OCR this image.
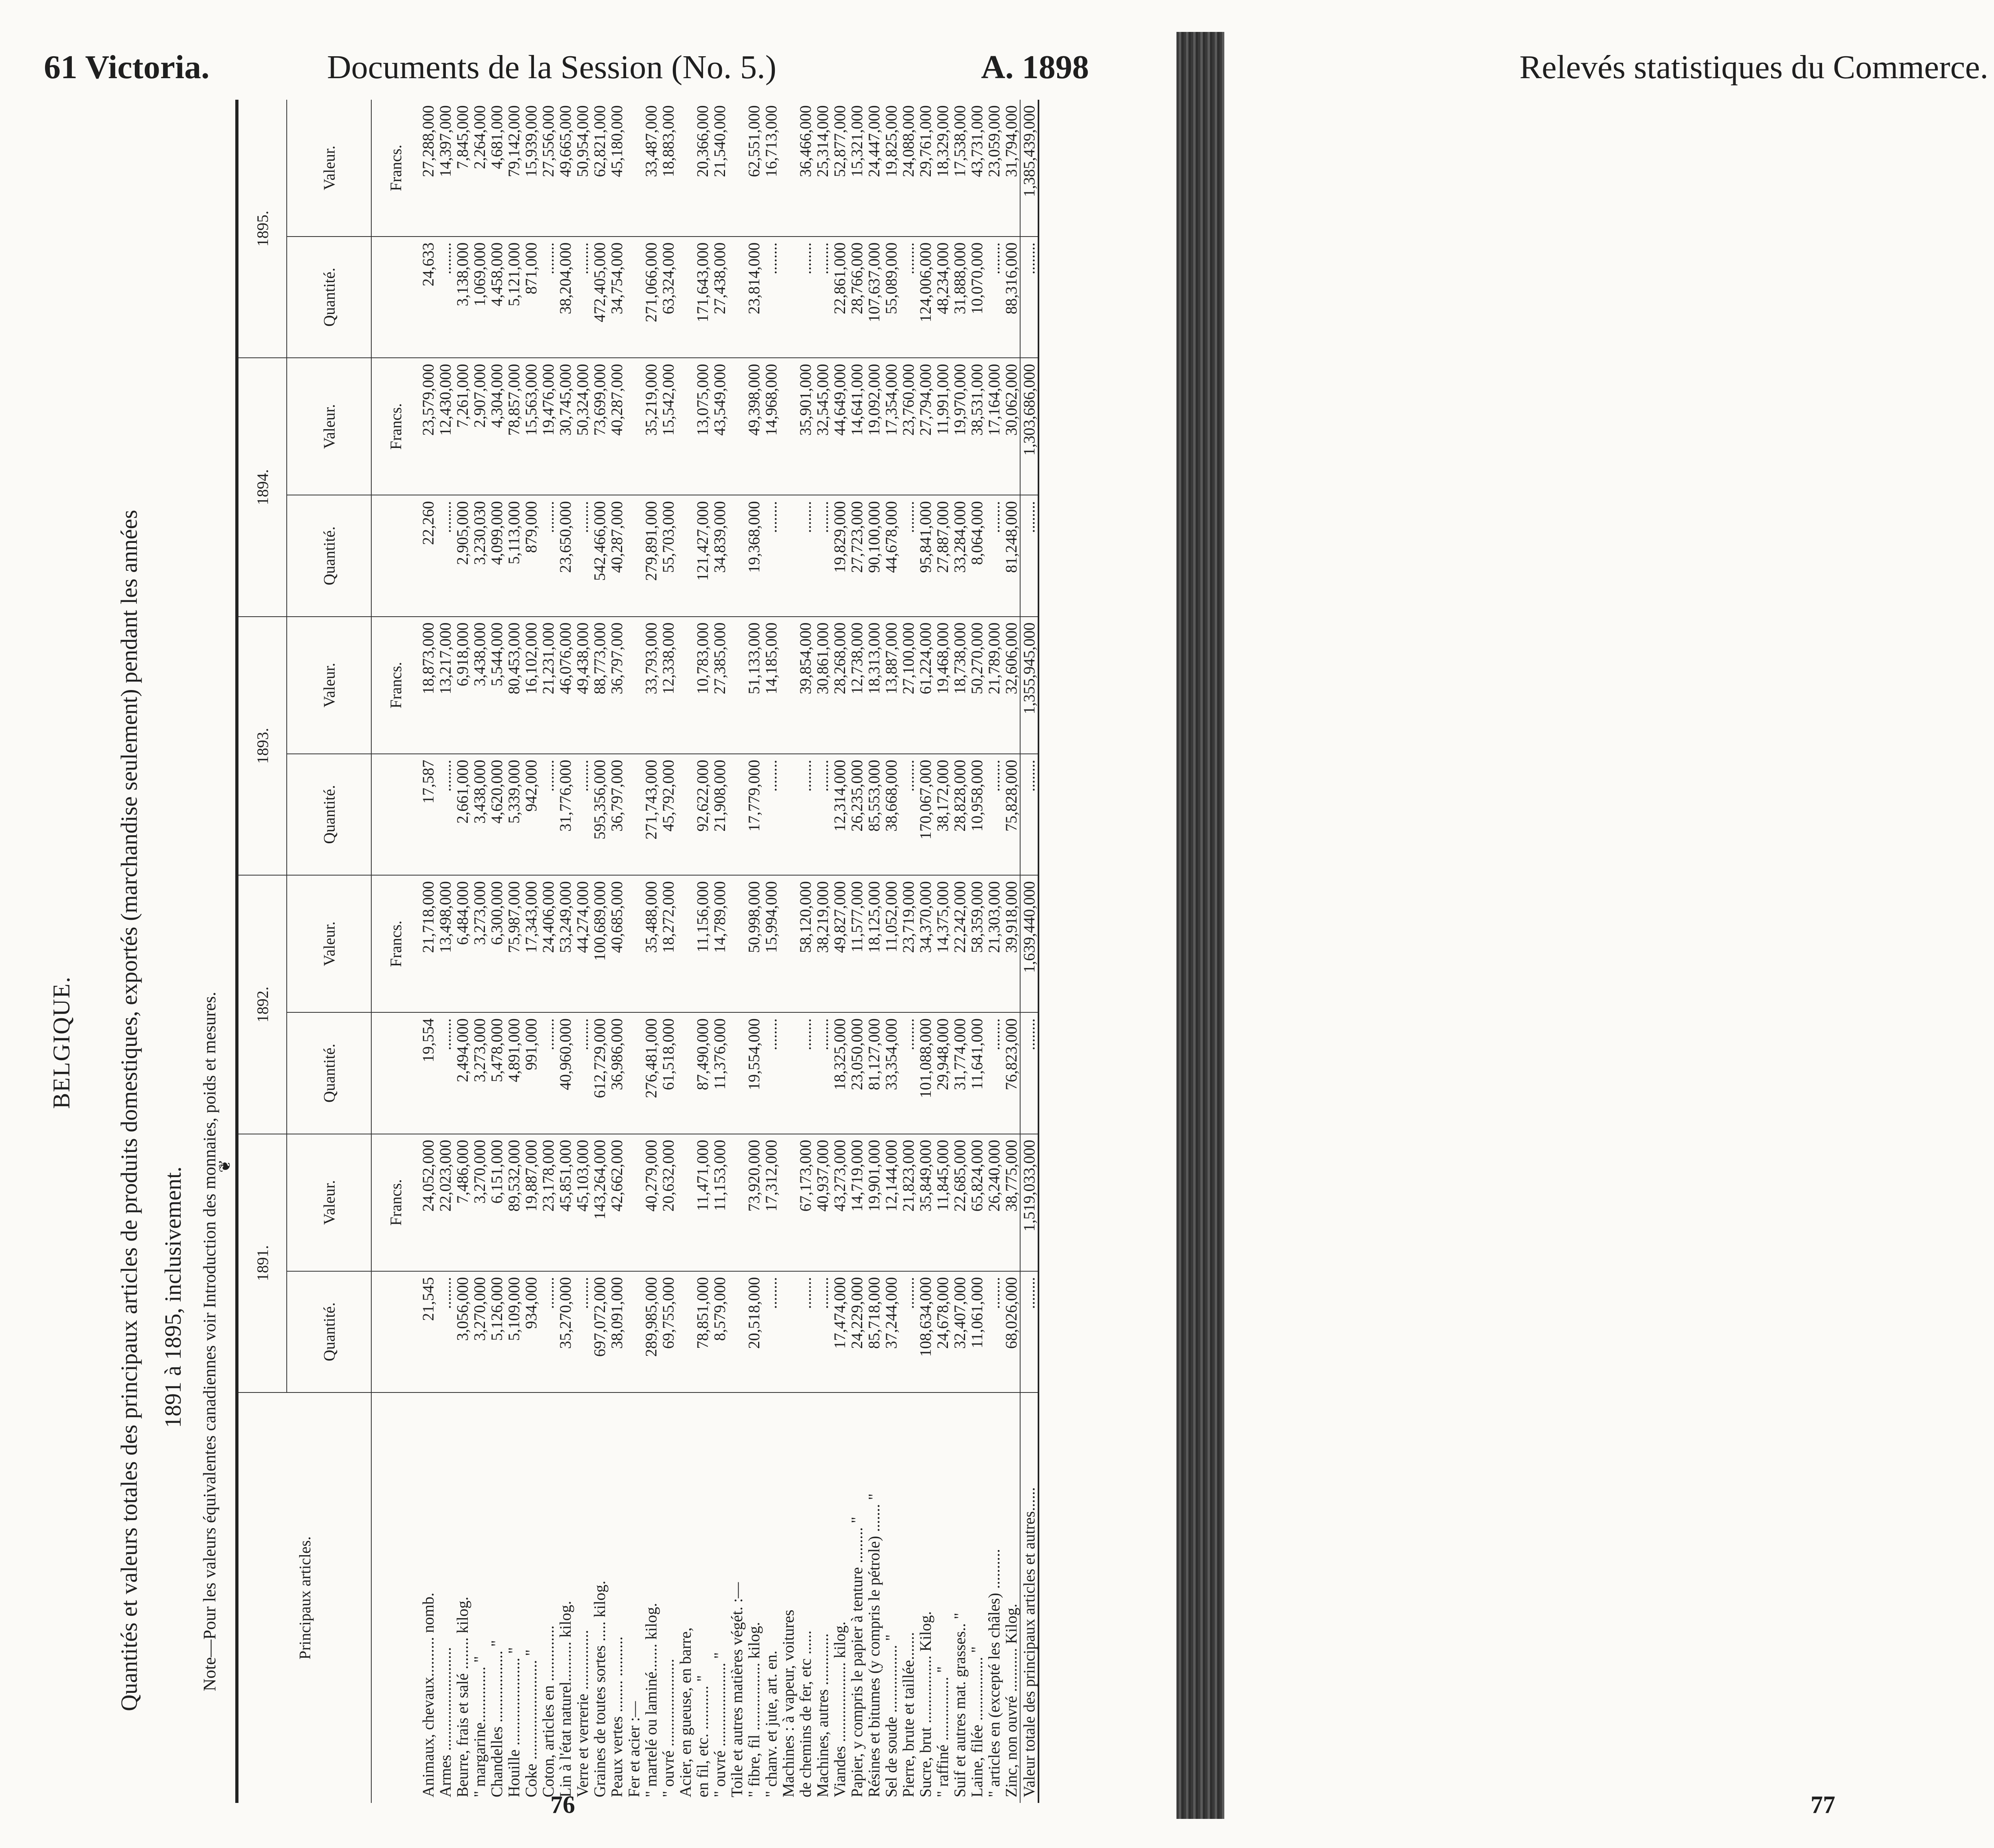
61 Victoria.	Documents de la Session (No. 5.)	A. 1898	Relevés statistiques du Commerce.
BELGIQUE. Quantités et valeurs totales des principaux articles de produits domestiques, exportés (marchandise seulement) pendant les années 1891 à 1895, inclusivement. Note—Pour les valeurs équivalentes canadiennes voir Introduction des monnaies, poids et mesures.
❦
Principaux articles.	1891.		1892.		1893.		1894.		1895.	
	Quantité.	Valeur.	Quantité.	Valeur.	Quantité.	Valeur.	Quantité.	Valeur.	Quantité.	Valeur.
		Francs.		Francs.		Francs.		Francs.		Francs.
Animaux, chevaux.......... nomb.	21,545	24,052,000	19,554	21,718,000	17,587	18,873,000	22,260	23,579,000	24,633	27,288,000
Armes ..........................	........	22,023,000	........	13,498,000	........	13,217,000	........	12,430,000	........	14,397,000
Beurre, frais et salé ........ kilog.	3,056,000	7,486,000	2,494,000	6,484,000	2,661,000	6,918,000	2,905,000	7,261,000	3,138,000	7,845,000
" margarine.............. "	3,270,000	3,270,000	3,273,000	3,273,000	3,438,000	3,438,000	3,230,030	2,907,000	1,069,000	2,264,000
Chandelles .................. "	5,126,000	6,151,000	5,478,000	6,300,000	4,620,000	5,544,000	4,099,000	4,304,000	4,458,000	4,681,000
Houille ...................... "	5,109,000	89,532,000	4,891,000	75,987,000	5,339,000	80,453,000	5,113,000	78,857,000	5,121,000	79,142,000
Coke ......................... "	934,000	19,887,000	991,000	17,343,000	942,000	16,102,000	879,000	15,563,000	871,000	15,939,000
Coton, articles en ..............	........	23,178,000	........	24,406,000	........	21,231,000	........	19,476,000	........	27,556,000
Lin à l'état naturel.......... kilog.	35,270,000	45,851,000	40,960,000	53,249,000	31,776,000	46,076,000	23,650,000	30,745,000	38,204,000	49,665,000
Verre et verrerie ...............	........	45,103,000	........	44,274,000	........	49,438,000	........	50,324,000	........	50,954,000
Graines de toutes sortes ..... kilog.	697,072,000	143,264,000	612,729,000	100,689,000	595,356,000	88,773,000	542,466,000	73,699,000	472,405,000	62,821,000
Peaux vertes ........ ..........	38,091,000	42,662,000	36,986,000	40,685,000	36,797,000	36,797,000	40,287,000	40,287,000	34,754,000	45,180,000
Fer et acier :—										
" martelé ou laminé....... kilog.	289,985,000	40,279,000	276,481,000	35,488,000	271,743,000	33,793,000	279,891,000	35,219,000	271,066,000	33,487,000
" ouvré ......................	69,755,000	20,632,000	61,518,000	18,272,000	45,792,000	12,338,000	55,703,000	15,542,000	63,324,000	18,883,000
Acier, en gueuse, en barre,										
en fil, etc. ........... "	78,851,000	11,471,000	87,490,000	11,156,000	92,622,000	10,783,000	121,427,000	13,075,000	171,643,000	20,366,000
" ouvré ..................... "	8,579,000	11,153,000	11,376,000	14,789,000	21,908,000	27,385,000	34,839,000	43,549,000	27,438,000	21,540,000
Toile et autres matières végét. :—										
" fibre, fil ................. kilog.	20,518,000	73,920,000	19,554,000	50,998,000	17,779,000	51,133,000	19,368,000	49,398,000	23,814,000	62,551,000
" chanv. et jute, art. en.	........	17,312,000	........	15,994,000	........	14,185,000	........	14,968,000	........	16,713,000
Machines : à vapeur, voitures										
de chemins de fer, etc ......	........	67,173,000	........	58,120,000	........	39,854,000	........	35,901,000	........	36,466,000
Machines, autres .............	........	40,937,000	........	38,219,000	........	30,861,000	........	32,545,000	........	25,314,000
Viandes .................... kilog.	17,474,000	43,273,000	18,325,000	49,827,000	12,314,000	28,268,000	19,829,000	44,649,000	22,861,000	52,877,000
Papier, y compris le papier à tenture ......... "	24,229,000	14,719,000	23,050,000	11,577,000	26,235,000	12,738,000	27,723,000	14,641,000	28,766,000	15,321,000
Résines et bitumes (y compris le pétrole) ....... "	85,718,000	19,901,000	81,127,000	18,125,000	85,553,000	18,313,000	90,100,000	19,092,000	107,637,000	24,447,000
Sel de soude ................. "	37,244,000	12,144,000	33,354,000	11,052,000	38,668,000	13,887,000	44,678,000	17,354,000	55,089,000	19,825,000
Pierre, brute et taillée.......	........	21,823,000	........	23,719,000	........	27,100,000	........	23,760,000	........	24,088,000
Sucre, brut ................. Kilog.	108,634,000	35,849,000	101,088,000	34,370,000	170,067,000	61,224,000	95,841,000	27,794,000	124,006,000	29,761,000
" raffiné ................ "	24,678,000	11,845,000	29,948,000	14,375,000	38,172,000	19,468,000	27,887,000	11,991,000	48,234,000	18,329,000
Suif et autres mat. grasses.. "	32,407,000	22,685,000	31,774,000	22,242,000	28,828,000	18,738,000	33,284,000	19,970,000	31,888,000	17,538,000
Laine, filée ................ "	11,061,000	65,824,000	11,641,000	58,359,000	10,958,000	50,270,000	8,064,000	38,531,000	10,070,000	43,731,000
" articles en (excepté les châles) ..........	........	26,240,000	........	21,303,000	........	21,789,000	........	17,164,000	........	23,059,000
Zinc, non ouvré ........... Kilog.	68,026,000	38,775,000	76,823,000	39,918,000	75,828,000	32,606,000	81,248,000	30,062,000	88,316,000	31,794,000
Valeur totale des principaux articles et autres......	........	1,519,033,000	........	1,639,440,000	........	1,355,945,000	........	1,303,686,000	........	1,385,439,000
76	77
